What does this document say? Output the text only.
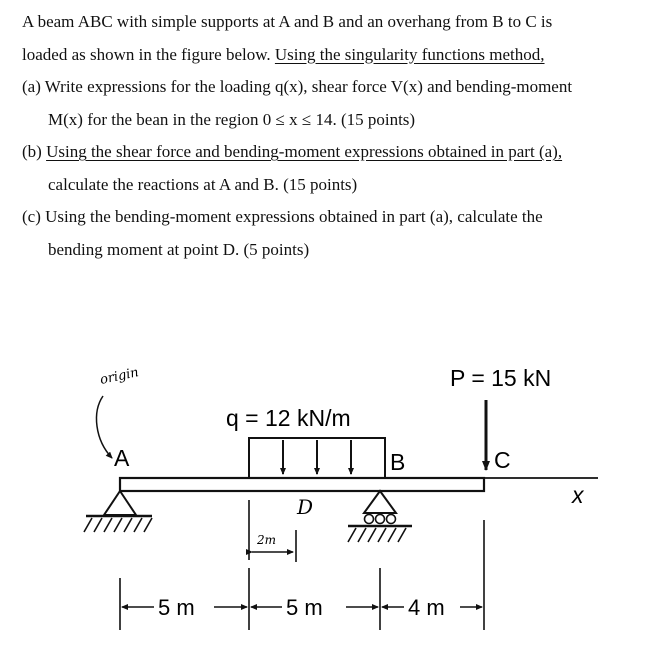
A beam ABC with simple supports at A and B and an overhang from B to C is
loaded as shown in the figure below. Using the singularity functions method,
(a) Write expressions for the loading q(x), shear force V(x) and bending-moment
M(x) for the bean in the region 0 ≤ x ≤ 14. (15 points)
(b) Using the shear force and bending-moment expressions obtained in part (a),
calculate the reactions at A and B. (15 points)
(c) Using the bending-moment expressions obtained in part (a), calculate the
bending moment at point D. (5 points)
x
q = 12 kN/m
P = 15 kN
A	B	C
D
origin
2m
5 m	5 m	4 m
